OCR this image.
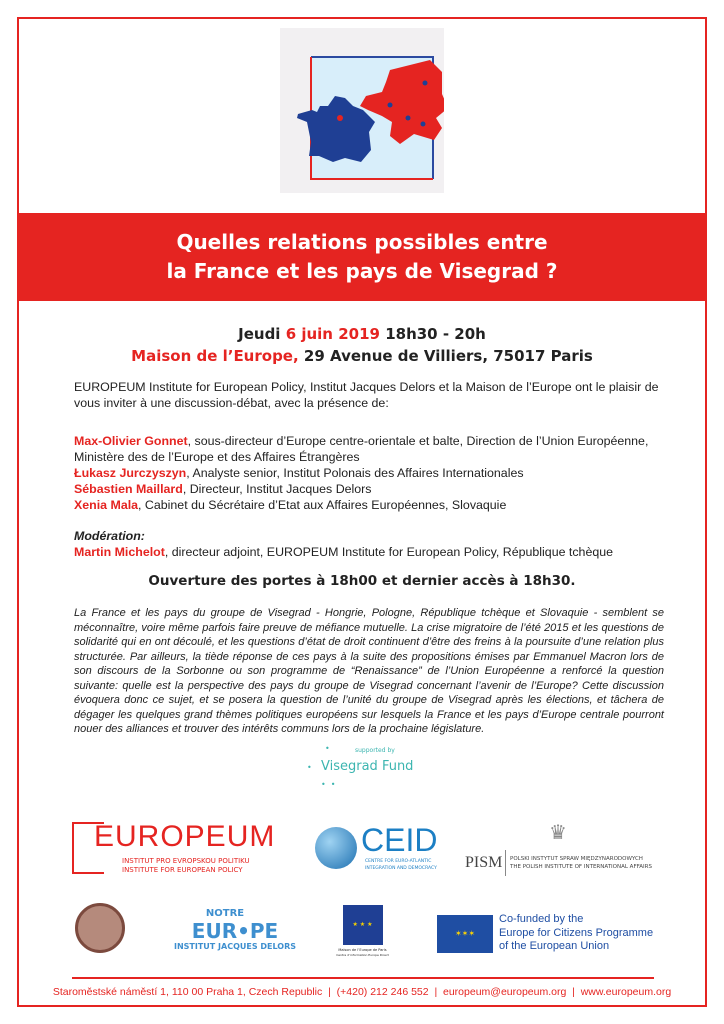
Quelles relations possibles entre
la France et les pays de Visegrad ?
Jeudi 6 juin 2019 18h30 - 20h
Maison de l’Europe, 29 Avenue de Villiers, 75017 Paris
EUROPEUM Institute for European Policy, Institut Jacques Delors et la Maison de l’Europe ont le plaisir de vous inviter à une discussion-débat, avec la présence de:
Max-Olivier Gonnet, sous-directeur d’Europe centre-orientale et balte, Direction de l’Union Européenne, Ministère des de l’Europe et des Affaires Étrangères
Łukasz Jurczyszyn, Analyste senior, Institut Polonais des Affaires Internationales
Sébastien Maillard, Directeur, Institut Jacques Delors
Xenia Mala, Cabinet du Sécrétaire d’Etat aux Affaires Européennes, Slovaquie
Modération:
Martin Michelot, directeur adjoint, EUROPEUM Institute for European Policy, République tchèque
Ouverture des portes à 18h00 et dernier accès à 18h30.
La France et les pays du groupe de Visegrad - Hongrie, Pologne, République tchèque et Slovaquie - semblent se méconnaître, voire même parfois faire preuve de méfiance mutuelle. La crise migratoire de l’été 2015 et les questions de solidarité qui en ont découlé, et les questions d’état de droit continuent d’être des freins à la poursuite d’une relation plus structurée. Par ailleurs, la tiède réponse de ces pays à la suite des propositions émises par Emmanuel Macron lors de son discours de la Sorbonne ou son programme de “Renaissance” de l’Union Européenne a renforcé la question suivante: quelle est la perspective des pays du groupe de Visegrad concernant l’avenir de l’Europe? Cette discussion évoquera donc ce sujet, et se posera la question de l’unité du groupe de Visegrad après les élections, et tâchera de dégager les quelques grand thèmes politiques européens sur lesquels la France et les pays d’Europe centrale pourront nouer des alliances et trouver des intérêts communs lors de la prochaine législature.
•	supported by
• Visegrad Fund
•  •
EUROPEUM
INSTITUT PRO EVROPSKOU POLITIKU
INSTITUTE FOR EUROPEAN POLICY
CEID
CENTRE FOR EURO-ATLANTIC
INTEGRATION AND DEMOCRACY
♛
PISM POLSKI INSTYTUT SPRAW MIĘDZYNARODOWYCH
THE POLISH INSTITUTE OF INTERNATIONAL AFFAIRS
NOTRE
EUR•PE
INSTITUT JACQUES DELORS
★ ★ ★
Maison de l’Europe de Paris
Centre d’information Europe Direct
✶✶✶
Co-funded by the
Europe for Citizens Programme
of the European Union
Staroměstské náměstí 1, 110 00 Praha 1, Czech Republic  |  (+420) 212 246 552  |  europeum@europeum.org  |  www.europeum.org
